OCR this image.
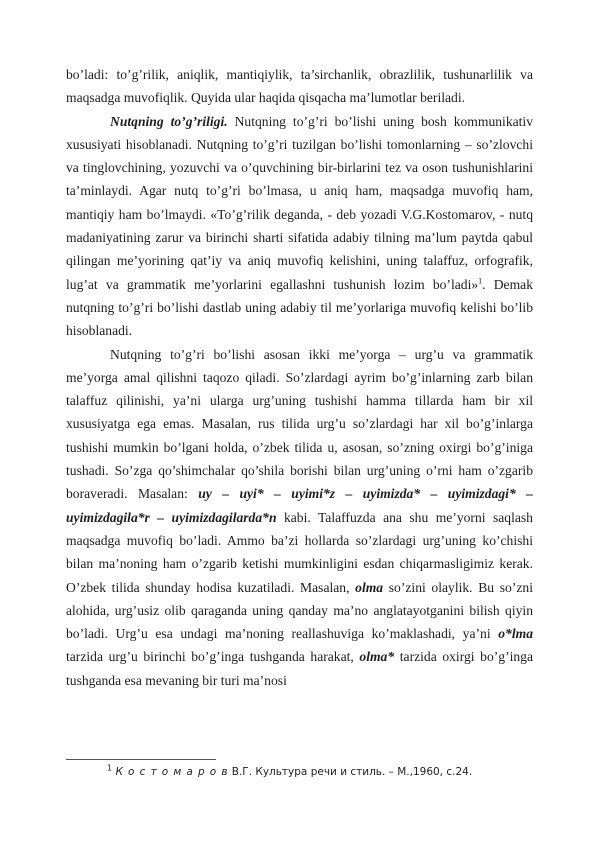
bo’ladi: to’g’rilik, aniqlik, mantiqiylik, ta’sirchanlik, obrazlilik, tushunarlilik va maqsadga muvofiqlik. Quyida ular haqida qisqacha ma’lumotlar beriladi.

Nutqning to’g’riligi. Nutqning to’g’ri bo’lishi uning bosh kommunikativ xususiyati hisoblanadi. Nutqning to’g’ri tuzilgan bo’lishi tomonlarning – so’zlovchi va tinglovchining, yozuvchi va o’quvchining bir-birlarini tez va oson tushunishlarini ta’minlaydi. Agar nutq to’g’ri bo’lmasa, u aniq ham, maqsadga muvofiq ham, mantiqiy ham bo’lmaydi. «To’g’rilik deganda, - deb yozadi V.G.Kostomarov, - nutq madaniyatining zarur va birinchi sharti sifatida adabiy tilning ma’lum paytda qabul qilingan me’yorining qat’iy va aniq muvofiq kelishini, uning talaffuz, orfografik, lug’at va grammatik me’yorlarini egallashni tushunish lozim bo’ladi»$^1$. Demak nutqning to’g’ri bo’lishi dastlab uning adabiy til me’yorlariga muvofiq kelishi bo’lib hisoblanadi.

Nutqning to’g’ri bo’lishi asosan ikki me’yorga – urg’u va grammatik me’yorga amal qilishni taqozo qiladi. So’zlardagi ayrim bo’g’inlarning zarb bilan talaffuz qilinishi, ya’ni ularga urg’uning tushishi hamma tillarda ham bir xil xususiyatga ega emas. Masalan, rus tilida urg’u so’zlardagi har xil bo’g’inlarga tushishi mumkin bo’lgani holda, o’zbek tilida u, asosan, so’zning oxirgi bo’g’iniga tushadi. So’zga qo’shimchalar qo’shila borishi bilan urg’uning o’rni ham o’zgarib boraveradi. Masalan: uy – uyi* – uyimi*z – uyimizda* – uyimizdagi* – uyimizdagila*r – uyimizdagilarda*n kabi. Talaffuzda ana shu me’yorni saqlash maqsadga muvofiq bo’ladi. Ammo ba’zi hollarda so’zlardagi urg’uning ko’chishi bilan ma’noning ham o’zgarib ketishi mumkinligini esdan chiqarmasligimiz kerak. O’zbek tilida shunday hodisa kuzatiladi. Masalan, olma so’zini olaylik. Bu so’zni alohida, urg’usiz olib qaraganda uning qanday ma’no anglatayotganini bilish qiyin bo’ladi. Urg’u esa undagi ma’noning reallashuviga ko’maklashadi, ya’ni o*lma tarzida urg’u birinchi bo’g’inga tushganda harakat, olma* tarzida oxirgi bo’g’inga tushganda esa mevaning bir turi ma’nosi

$^1$ К о с т о м а р о в В.Г. Культура речи и стиль. – М.,1960, с.24.
